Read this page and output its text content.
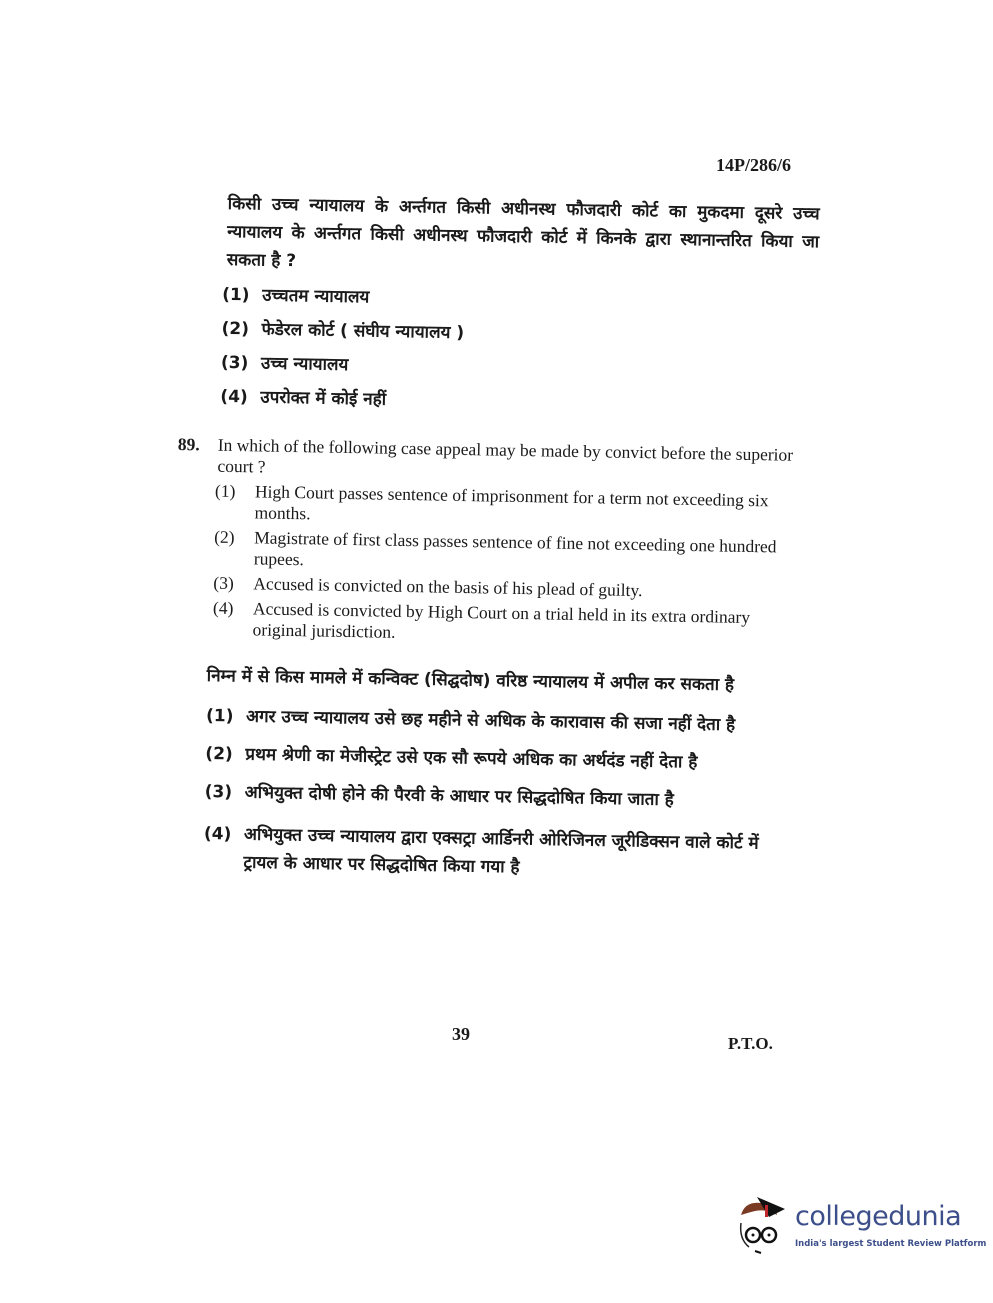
14P/286/6
किसी उच्च न्यायालय के अर्न्तगत किसी अधीनस्थ फौजदारी कोर्ट का मुकदमा दूसरे उच्च न्यायालय के अर्न्तगत किसी अधीनस्थ फौजदारी कोर्ट में किनके द्वारा स्थानान्तरित किया जा सकता है ?
(1) उच्चतम न्यायालय
(2) फेडेरल कोर्ट ( संघीय न्यायालय )
(3) उच्च न्यायालय
(4) उपरोक्त में कोई नहीं
89.	In which of the following case appeal may be made by convict before the superior court ?
(1)	High Court passes sentence of imprisonment for a term not exceeding six months.
(2)	Magistrate of first class passes sentence of fine not exceeding one hundred rupees.
(3)	Accused is convicted on the basis of his plead of guilty.
(4)	Accused is convicted by High Court on a trial held in its extra ordinary original jurisdiction.
निम्न में से किस मामले में कन्विक्ट (सिद्घदोष) वरिष्ठ न्यायालय में अपील कर सकता है
(1) अगर उच्च न्यायालय उसे छह महीने से अधिक के कारावास की सजा नहीं देता है
(2) प्रथम श्रेणी का मेजीस्ट्रेट उसे एक सौ रूपये अधिक का अर्थदंड नहीं देता है
(3) अभियुक्त दोषी होने की पैरवी के आधार पर सिद्धदोषित किया जाता है
(4) अभियुक्त उच्च न्यायालय द्वारा एक्सट्रा आर्डिनरी ओरिजिनल जूरीडिक्सन वाले कोर्ट में ट्रायल के आधार पर सिद्धदोषित किया गया है
39	P.T.O.
collegedunia
India's largest Student Review Platform
